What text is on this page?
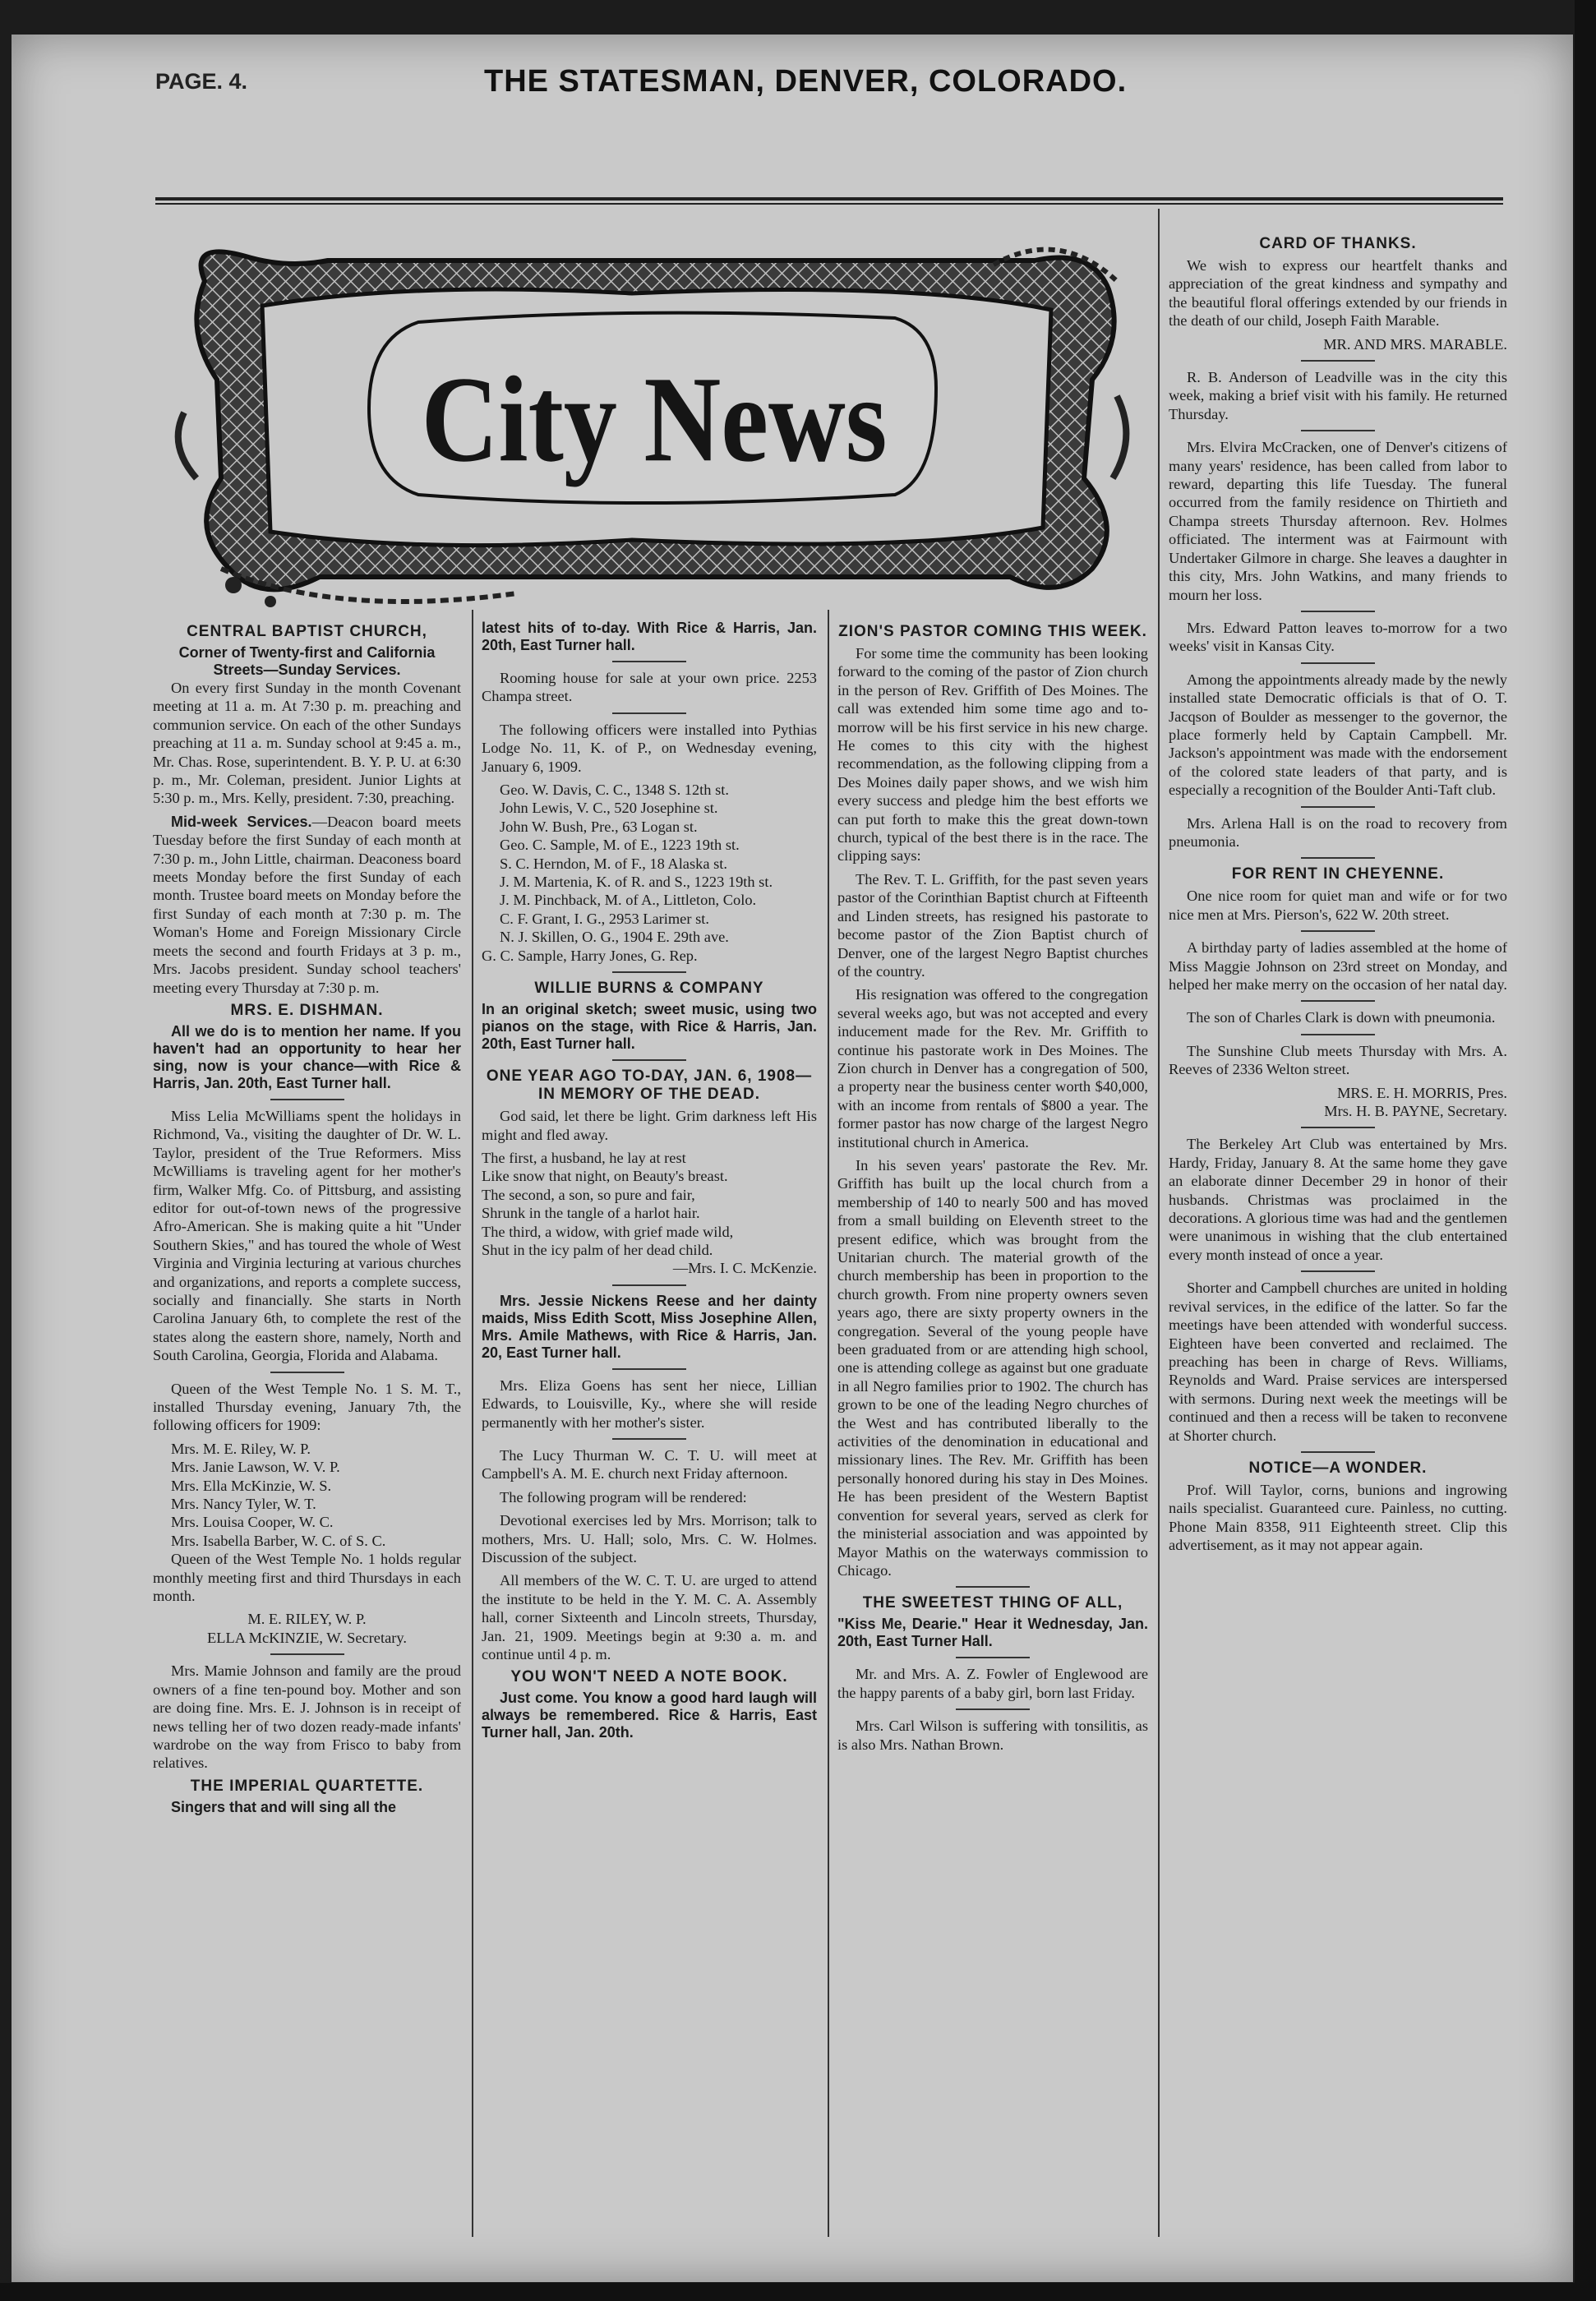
PAGE. 4.	THE STATESMAN, DENVER, COLORADO.
City News
CENTRAL BAPTIST CHURCH,
Corner of Twenty-first and California Streets—Sunday Services.

On every first Sunday in the month Covenant meeting at 11 a. m. At 7:30 p. m. preaching and communion service. On each of the other Sundays preaching at 11 a. m. Sunday school at 9:45 a. m., Mr. Chas. Rose, superintendent. B. Y. P. U. at 6:30 p. m., Mr. Coleman, president. Junior Lights at 5:30 p. m., Mrs. Kelly, president. 7:30, preaching.

Mid-week Services.—Deacon board meets Tuesday before the first Sunday of each month at 7:30 p. m., John Little, chairman. Deaconess board meets Monday before the first Sunday of each month. Trustee board meets on Monday before the first Sunday of each month at 7:30 p. m. The Woman's Home and Foreign Missionary Circle meets the second and fourth Fridays at 3 p. m., Mrs. Jacobs president. Sunday school teachers' meeting every Thursday at 7:30 p. m.

MRS. E. DISHMAN.

All we do is to mention her name. If you haven't had an opportunity to hear her sing, now is your chance—with Rice & Harris, Jan. 20th, East Turner hall.

Miss Lelia McWilliams spent the holidays in Richmond, Va., visiting the daughter of Dr. W. L. Taylor, president of the True Reformers. Miss McWilliams is traveling agent for her mother's firm, Walker Mfg. Co. of Pittsburg, and assisting editor for out-of-town news of the progressive Afro-American. She is making quite a hit "Under Southern Skies," and has toured the whole of West Virginia and Virginia lecturing at various churches and organizations, and reports a complete success, socially and financially. She starts in North Carolina January 6th, to complete the rest of the states along the eastern shore, namely, North and South Carolina, Georgia, Florida and Alabama.

Queen of the West Temple No. 1 S. M. T., installed Thursday evening, January 7th, the following officers for 1909:

Mrs. M. E. Riley, W. P.
Mrs. Janie Lawson, W. V. P.
Mrs. Ella McKinzie, W. S.
Mrs. Nancy Tyler, W. T.
Mrs. Louisa Cooper, W. C.
Mrs. Isabella Barber, W. C. of S. C.

Queen of the West Temple No. 1 holds regular monthly meeting first and third Thursdays in each month.

M. E. RILEY, W. P.
ELLA McKINZIE, W. Secretary.

Mrs. Mamie Johnson and family are the proud owners of a fine ten-pound boy. Mother and son are doing fine. Mrs. E. J. Johnson is in receipt of news telling her of two dozen ready-made infants' wardrobe on the way from Frisco to baby from relatives.

THE IMPERIAL QUARTETTE.

Singers that and will sing all the

latest hits of to-day. With Rice & Harris, Jan. 20th, East Turner hall.

Rooming house for sale at your own price. 2253 Champa street.

The following officers were installed into Pythias Lodge No. 11, K. of P., on Wednesday evening, January 6, 1909.

Geo. W. Davis, C. C., 1348 S. 12th st.
John Lewis, V. C., 520 Josephine st.
John W. Bush, Pre., 63 Logan st.
Geo. C. Sample, M. of E., 1223 19th st.
S. C. Herndon, M. of F., 18 Alaska st.
J. M. Martenia, K. of R. and S., 1223 19th st.
J. M. Pinchback, M. of A., Littleton, Colo.
C. F. Grant, I. G., 2953 Larimer st.
N. J. Skillen, O. G., 1904 E. 29th ave.
G. C. Sample, Harry Jones, G. Rep.
WILLIE BURNS & COMPANY

In an original sketch; sweet music, using two pianos on the stage, with Rice & Harris, Jan. 20th, East Turner hall.

ONE YEAR AGO TO-DAY, JAN. 6, 1908—IN MEMORY OF THE DEAD.

God said, let there be light. Grim darkness left His might and fled away.

The first, a husband, he lay at rest
Like snow that night, on Beauty's breast.
The second, a son, so pure and fair,
Shrunk in the tangle of a harlot hair.
The third, a widow, with grief made wild,
Shut in the icy palm of her dead child.
—Mrs. I. C. McKenzie.

Mrs. Jessie Nickens Reese and her dainty maids, Miss Edith Scott, Miss Josephine Allen, Mrs. Amile Mathews, with Rice & Harris, Jan. 20, East Turner hall.

Mrs. Eliza Goens has sent her niece, Lillian Edwards, to Louisville, Ky., where she will reside permanently with her mother's sister.

The Lucy Thurman W. C. T. U. will meet at Campbell's A. M. E. church next Friday afternoon.

The following program will be rendered:

Devotional exercises led by Mrs. Morrison; talk to mothers, Mrs. U. Hall; solo, Mrs. C. W. Holmes. Discussion of the subject.

All members of the W. C. T. U. are urged to attend the institute to be held in the Y. M. C. A. Assembly hall, corner Sixteenth and Lincoln streets, Thursday, Jan. 21, 1909. Meetings begin at 9:30 a. m. and continue until 4 p. m.

YOU WON'T NEED A NOTE BOOK.

Just come. You know a good hard laugh will always be remembered. Rice & Harris, East Turner hall, Jan. 20th.

ZION'S PASTOR COMING THIS WEEK.

For some time the community has been looking forward to the coming of the pastor of Zion church in the person of Rev. Griffith of Des Moines. The call was extended him some time ago and to-morrow will be his first service in his new charge. He comes to this city with the highest recommendation, as the following clipping from a Des Moines daily paper shows, and we wish him every success and pledge him the best efforts we can put forth to make this the great down-town church, typical of the best there is in the race. The clipping says:

The Rev. T. L. Griffith, for the past seven years pastor of the Corinthian Baptist church at Fifteenth and Linden streets, has resigned his pastorate to become pastor of the Zion Baptist church of Denver, one of the largest Negro Baptist churches of the country.

His resignation was offered to the congregation several weeks ago, but was not accepted and every inducement made for the Rev. Mr. Griffith to continue his pastorate work in Des Moines. The Zion church in Denver has a congregation of 500, a property near the business center worth $40,000, with an income from rentals of $800 a year. The former pastor has now charge of the largest Negro institutional church in America.

In his seven years' pastorate the Rev. Mr. Griffith has built up the local church from a membership of 140 to nearly 500 and has moved from a small building on Eleventh street to the present edifice, which was brought from the Unitarian church. The material growth of the church membership has been in proportion to the church growth. From nine property owners seven years ago, there are sixty property owners in the congregation. Several of the young people have been graduated from or are attending high school, one is attending college as against but one graduate in all Negro families prior to 1902. The church has grown to be one of the leading Negro churches of the West and has contributed liberally to the activities of the denomination in educational and missionary lines. The Rev. Mr. Griffith has been personally honored during his stay in Des Moines. He has been president of the Western Baptist convention for several years, served as clerk for the ministerial association and was appointed by Mayor Mathis on the waterways commission to Chicago.

THE SWEETEST THING OF ALL,

"Kiss Me, Dearie." Hear it Wednesday, Jan. 20th, East Turner Hall.

Mr. and Mrs. A. Z. Fowler of Englewood are the happy parents of a baby girl, born last Friday.

Mrs. Carl Wilson is suffering with tonsilitis, as is also Mrs. Nathan Brown.

CARD OF THANKS.

We wish to express our heartfelt thanks and appreciation of the great kindness and sympathy and the beautiful floral offerings extended by our friends in the death of our child, Joseph Faith Marable.

MR. AND MRS. MARABLE.

R. B. Anderson of Leadville was in the city this week, making a brief visit with his family. He returned Thursday.

Mrs. Elvira McCracken, one of Denver's citizens of many years' residence, has been called from labor to reward, departing this life Tuesday. The funeral occurred from the family residence on Thirtieth and Champa streets Thursday afternoon. Rev. Holmes officiated. The interment was at Fairmount with Undertaker Gilmore in charge. She leaves a daughter in this city, Mrs. John Watkins, and many friends to mourn her loss.

Mrs. Edward Patton leaves to-morrow for a two weeks' visit in Kansas City.

Among the appointments already made by the newly installed state Democratic officials is that of O. T. Jacqson of Boulder as messenger to the governor, the place formerly held by Captain Campbell. Mr. Jackson's appointment was made with the endorsement of the colored state leaders of that party, and is especially a recognition of the Boulder Anti-Taft club.

Mrs. Arlena Hall is on the road to recovery from pneumonia.

FOR RENT IN CHEYENNE.

One nice room for quiet man and wife or for two nice men at Mrs. Pierson's, 622 W. 20th street.

A birthday party of ladies assembled at the home of Miss Maggie Johnson on 23rd street on Monday, and helped her make merry on the occasion of her natal day.

The son of Charles Clark is down with pneumonia.

The Sunshine Club meets Thursday with Mrs. A. Reeves of 2336 Welton street.

MRS. E. H. MORRIS, Pres.
Mrs. H. B. PAYNE, Secretary.

The Berkeley Art Club was entertained by Mrs. Hardy, Friday, January 8. At the same home they gave an elaborate dinner December 29 in honor of their husbands. Christmas was proclaimed in the decorations. A glorious time was had and the gentlemen were unanimous in wishing that the club entertained every month instead of once a year.

Shorter and Campbell churches are united in holding revival services, in the edifice of the latter. So far the meetings have been attended with wonderful success. Eighteen have been converted and reclaimed. The preaching has been in charge of Revs. Williams, Reynolds and Ward. Praise services are interspersed with sermons. During next week the meetings will be continued and then a recess will be taken to reconvene at Shorter church.

NOTICE—A WONDER.

Prof. Will Taylor, corns, bunions and ingrowing nails specialist. Guaranteed cure. Painless, no cutting. Phone Main 8358, 911 Eighteenth street. Clip this advertisement, as it may not appear again.
